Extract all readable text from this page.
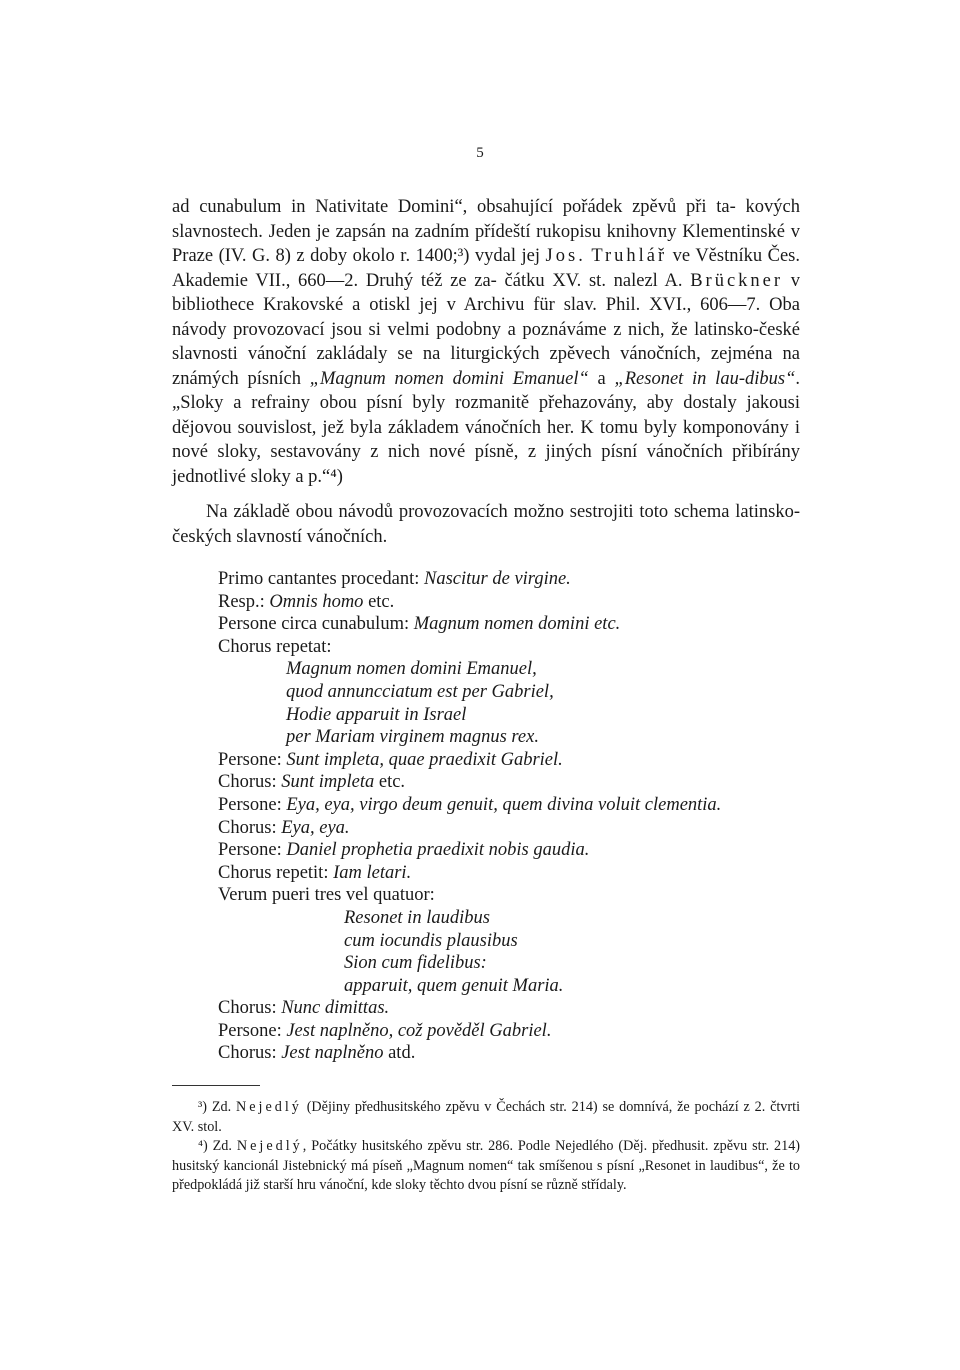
5

ad cunabulum in Nativitate Domini“, obsahující pořádek zpěvů při ta- kových slavnostech. Jeden je zapsán na zadním přídeští rukopisu knihovny Klementinské v Praze (IV. G. 8) z doby okolo r. 1400;³) vydal jej Jos. Truhlář ve Věstníku Čes. Akademie VII., 660—2. Druhý též ze za- čátku XV. st. nalezl A. Brückner v bibliothece Krakovské a otiskl jej v Archivu für slav. Phil. XVI., 606—7. Oba návody provozovací jsou si velmi podobny a poznáváme z nich, že latinsko-české slavnosti vánoční zakládaly se na liturgických zpěvech vánočních, zejména na známých písních „Magnum nomen domini Emanuel“ a „Resonet in lau-dibus“. „Sloky a refrainy obou písní byly rozmanitě přehazovány, aby dostaly jakousi dějovou souvislost, jež byla základem vánočních her. K tomu byly komponovány i nové sloky, sestavovány z nich nové písně, z jiných písní vánočních přibírány jednotlivé sloky a p.“⁴)

Na základě obou návodů provozovacích možno sestrojiti toto schema latinsko-českých slavností vánočních.

Primo cantantes procedant: Nascitur de virgine.
Resp.: Omnis homo etc.
Persone circa cunabulum: Magnum nomen domini etc.
Chorus repetat:
Magnum nomen domini Emanuel,
quod annuncciatum est per Gabriel,
Hodie apparuit in Israel
per Mariam virginem magnus rex.
Persone: Sunt impleta, quae praedixit Gabriel.
Chorus: Sunt impleta etc.
Persone: Eya, eya, virgo deum genuit, quem divina voluit clementia.
Chorus: Eya, eya.
Persone: Daniel prophetia praedixit nobis gaudia.
Chorus repetit: Iam letari.
Verum pueri tres vel quatuor:
Resonet in laudibus
cum iocundis plausibus
Sion cum fidelibus:
apparuit, quem genuit Maria.
Chorus: Nunc dimittas.
Persone: Jest naplněno, což pověděl Gabriel.
Chorus: Jest naplněno atd.

³) Zd. Nejedlý (Dějiny předhusitského zpěvu v Čechách str. 214) se domnívá, že pochází z 2. čtvrti XV. stol.

⁴) Zd. Nejedlý, Počátky husitského zpěvu str. 286. Podle Nejedlého (Děj. předhusit. zpěvu str. 214) husitský kancionál Jistebnický má píseň „Magnum nomen“ tak smíšenou s písní „Resonet in laudibus“, že to předpokládá již starší hru vánoční, kde sloky těchto dvou písní se různě střídaly.
